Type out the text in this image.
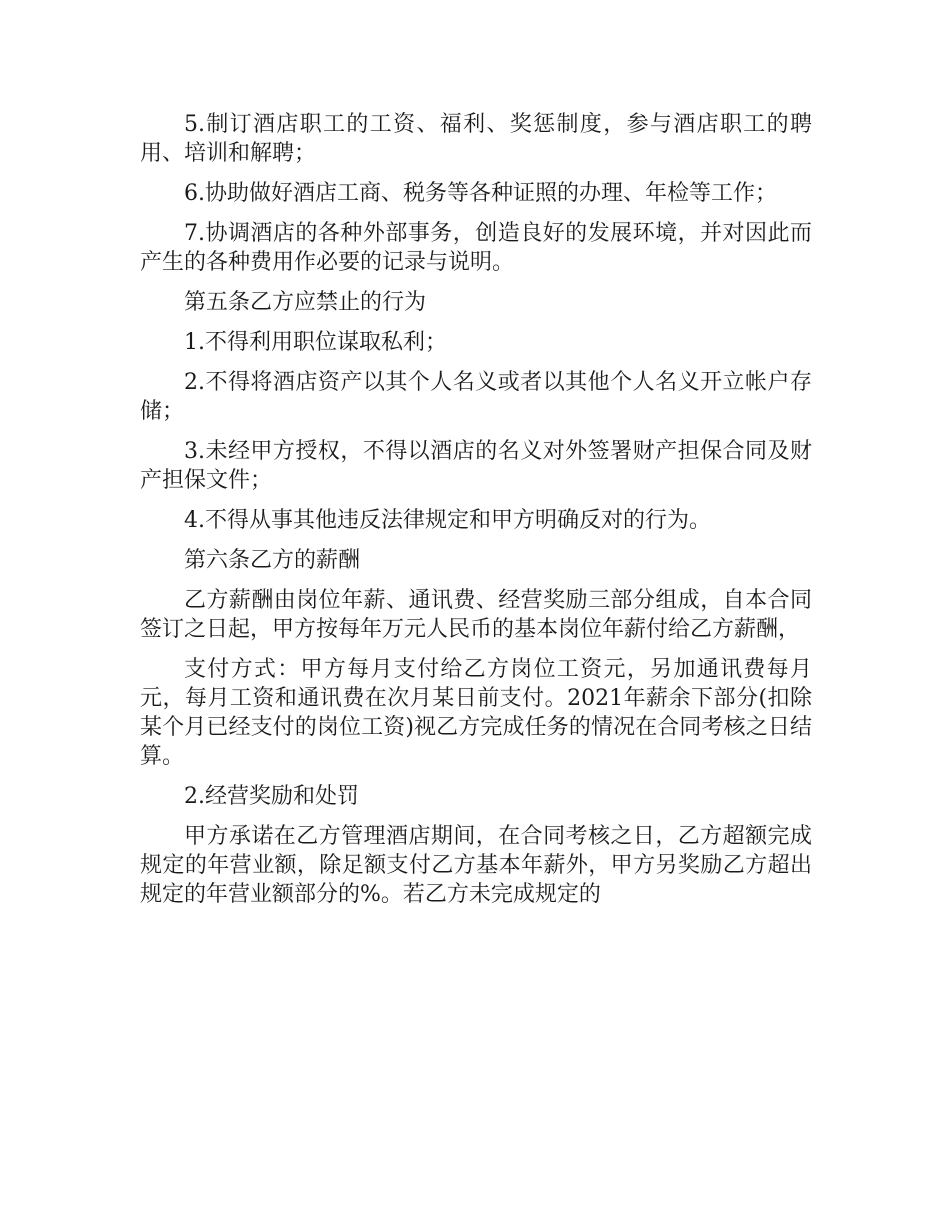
5.制订酒店职工的工资、福利、奖惩制度，参与酒店职工的聘用、培训和解聘；

6.协助做好酒店工商、税务等各种证照的办理、年检等工作；

7.协调酒店的各种外部事务，创造良好的发展环境，并对因此而产生的各种费用作必要的记录与说明。

第五条乙方应禁止的行为

1.不得利用职位谋取私利；

2.不得将酒店资产以其个人名义或者以其他个人名义开立帐户存储；

3.未经甲方授权，不得以酒店的名义对外签署财产担保合同及财产担保文件；

4.不得从事其他违反法律规定和甲方明确反对的行为。

第六条乙方的薪酬

乙方薪酬由岗位年薪、通讯费、经营奖励三部分组成，自本合同签订之日起，甲方按每年万元人民币的基本岗位年薪付给乙方薪酬，

支付方式：甲方每月支付给乙方岗位工资元，另加通讯费每月元，每月工资和通讯费在次月某日前支付。2021年薪余下部分(扣除某个月已经支付的岗位工资)视乙方完成任务的情况在合同考核之日结算。

2.经营奖励和处罚

甲方承诺在乙方管理酒店期间，在合同考核之日，乙方超额完成规定的年营业额，除足额支付乙方基本年薪外，甲方另奖励乙方超出规定的年营业额部分的%。若乙方未完成规定的
